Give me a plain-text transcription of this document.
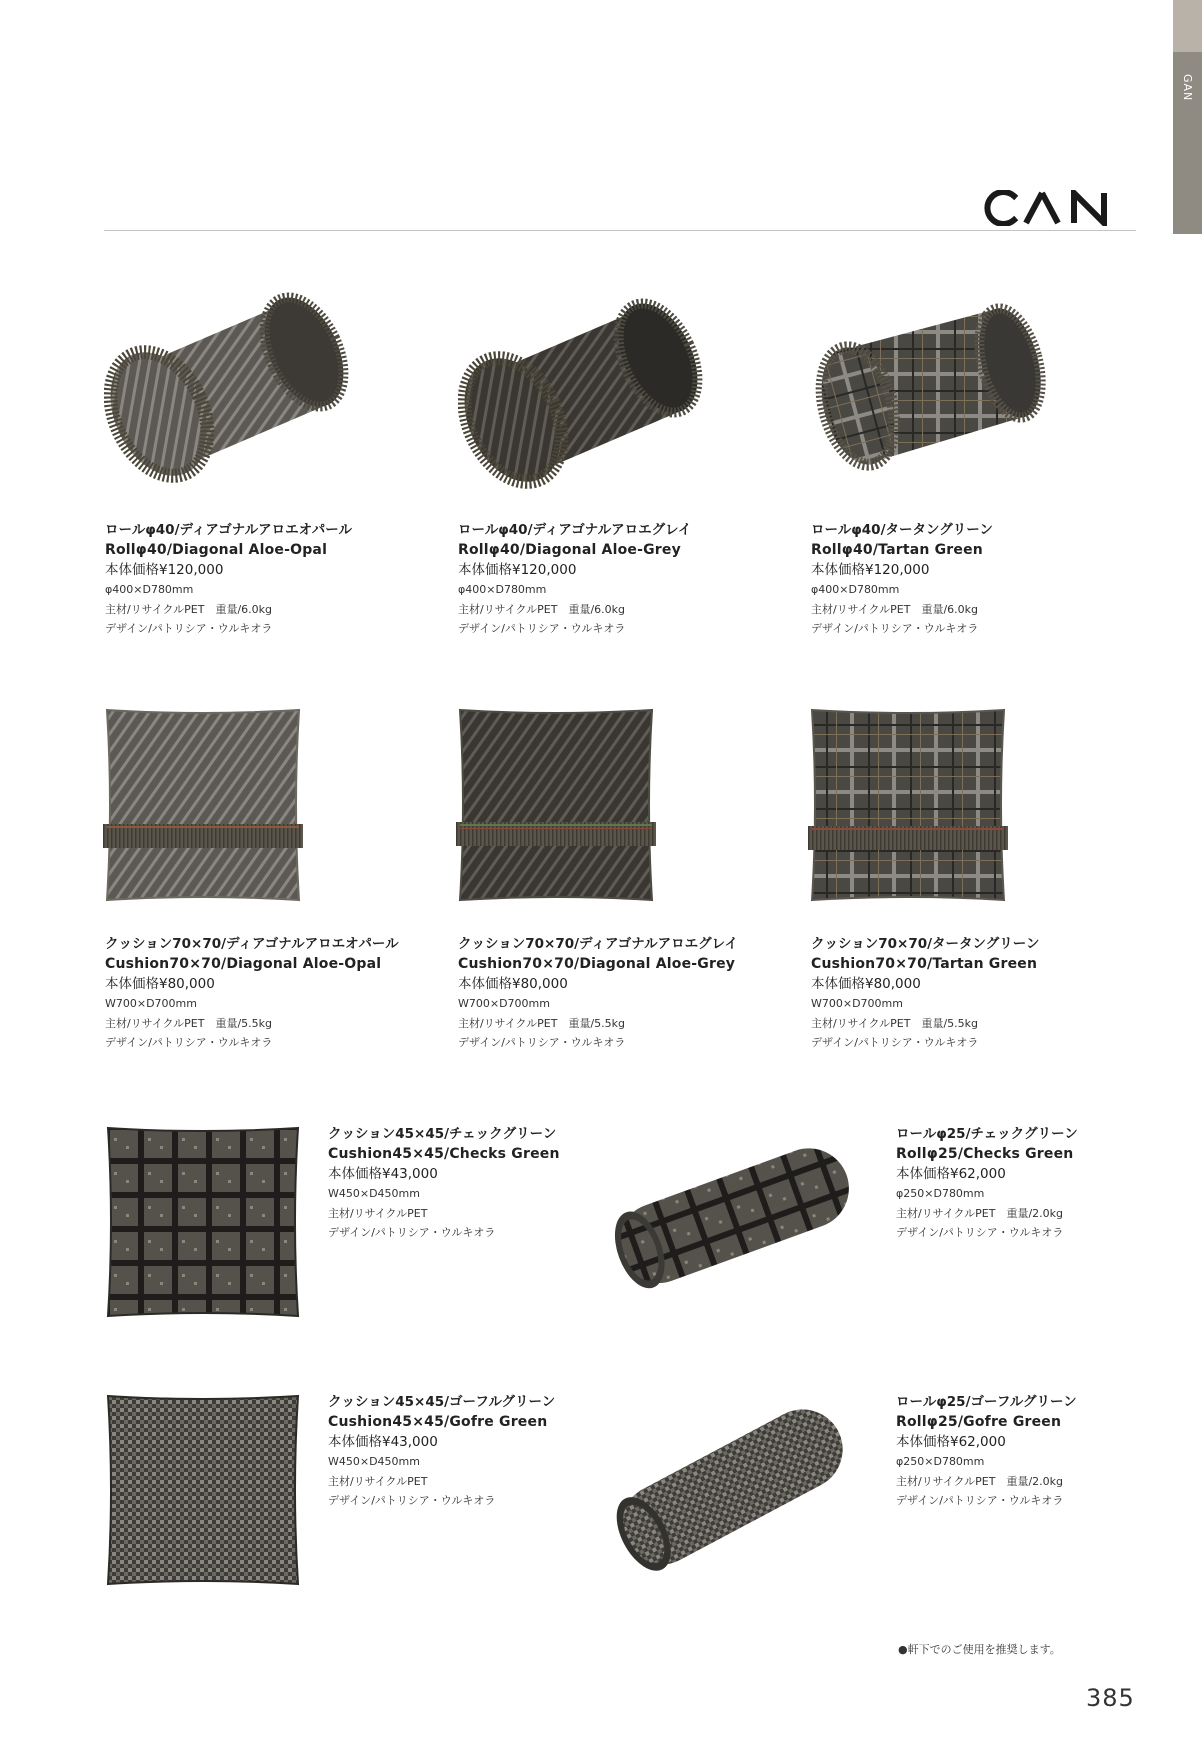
GAN
ロールφ40/ディアゴナルアロエオパール
Rollφ40/Diagonal Aloe-Opal
本体価格¥120,000
φ400×D780mm
主材/リサイクルPET　重量/6.0kg
デザイン/パトリシア・ウルキオラ
ロールφ40/ディアゴナルアロエグレイ
Rollφ40/Diagonal Aloe-Grey
本体価格¥120,000
φ400×D780mm
主材/リサイクルPET　重量/6.0kg
デザイン/パトリシア・ウルキオラ
ロールφ40/タータングリーン
Rollφ40/Tartan Green
本体価格¥120,000
φ400×D780mm
主材/リサイクルPET　重量/6.0kg
デザイン/パトリシア・ウルキオラ
クッション70×70/ディアゴナルアロエオパール
Cushion70×70/Diagonal Aloe-Opal
本体価格¥80,000
W700×D700mm
主材/リサイクルPET　重量/5.5kg
デザイン/パトリシア・ウルキオラ
クッション70×70/ディアゴナルアロエグレイ
Cushion70×70/Diagonal Aloe-Grey
本体価格¥80,000
W700×D700mm
主材/リサイクルPET　重量/5.5kg
デザイン/パトリシア・ウルキオラ
クッション70×70/タータングリーン
Cushion70×70/Tartan Green
本体価格¥80,000
W700×D700mm
主材/リサイクルPET　重量/5.5kg
デザイン/パトリシア・ウルキオラ
クッション45×45/チェックグリーン
Cushion45×45/Checks Green
本体価格¥43,000
W450×D450mm
主材/リサイクルPET
デザイン/パトリシア・ウルキオラ
ロールφ25/チェックグリーン
Rollφ25/Checks Green
本体価格¥62,000
φ250×D780mm
主材/リサイクルPET　重量/2.0kg
デザイン/パトリシア・ウルキオラ
クッション45×45/ゴーフルグリーン
Cushion45×45/Gofre Green
本体価格¥43,000
W450×D450mm
主材/リサイクルPET
デザイン/パトリシア・ウルキオラ
ロールφ25/ゴーフルグリーン
Rollφ25/Gofre Green
本体価格¥62,000
φ250×D780mm
主材/リサイクルPET　重量/2.0kg
デザイン/パトリシア・ウルキオラ
●軒下でのご使用を推奨します。
385
